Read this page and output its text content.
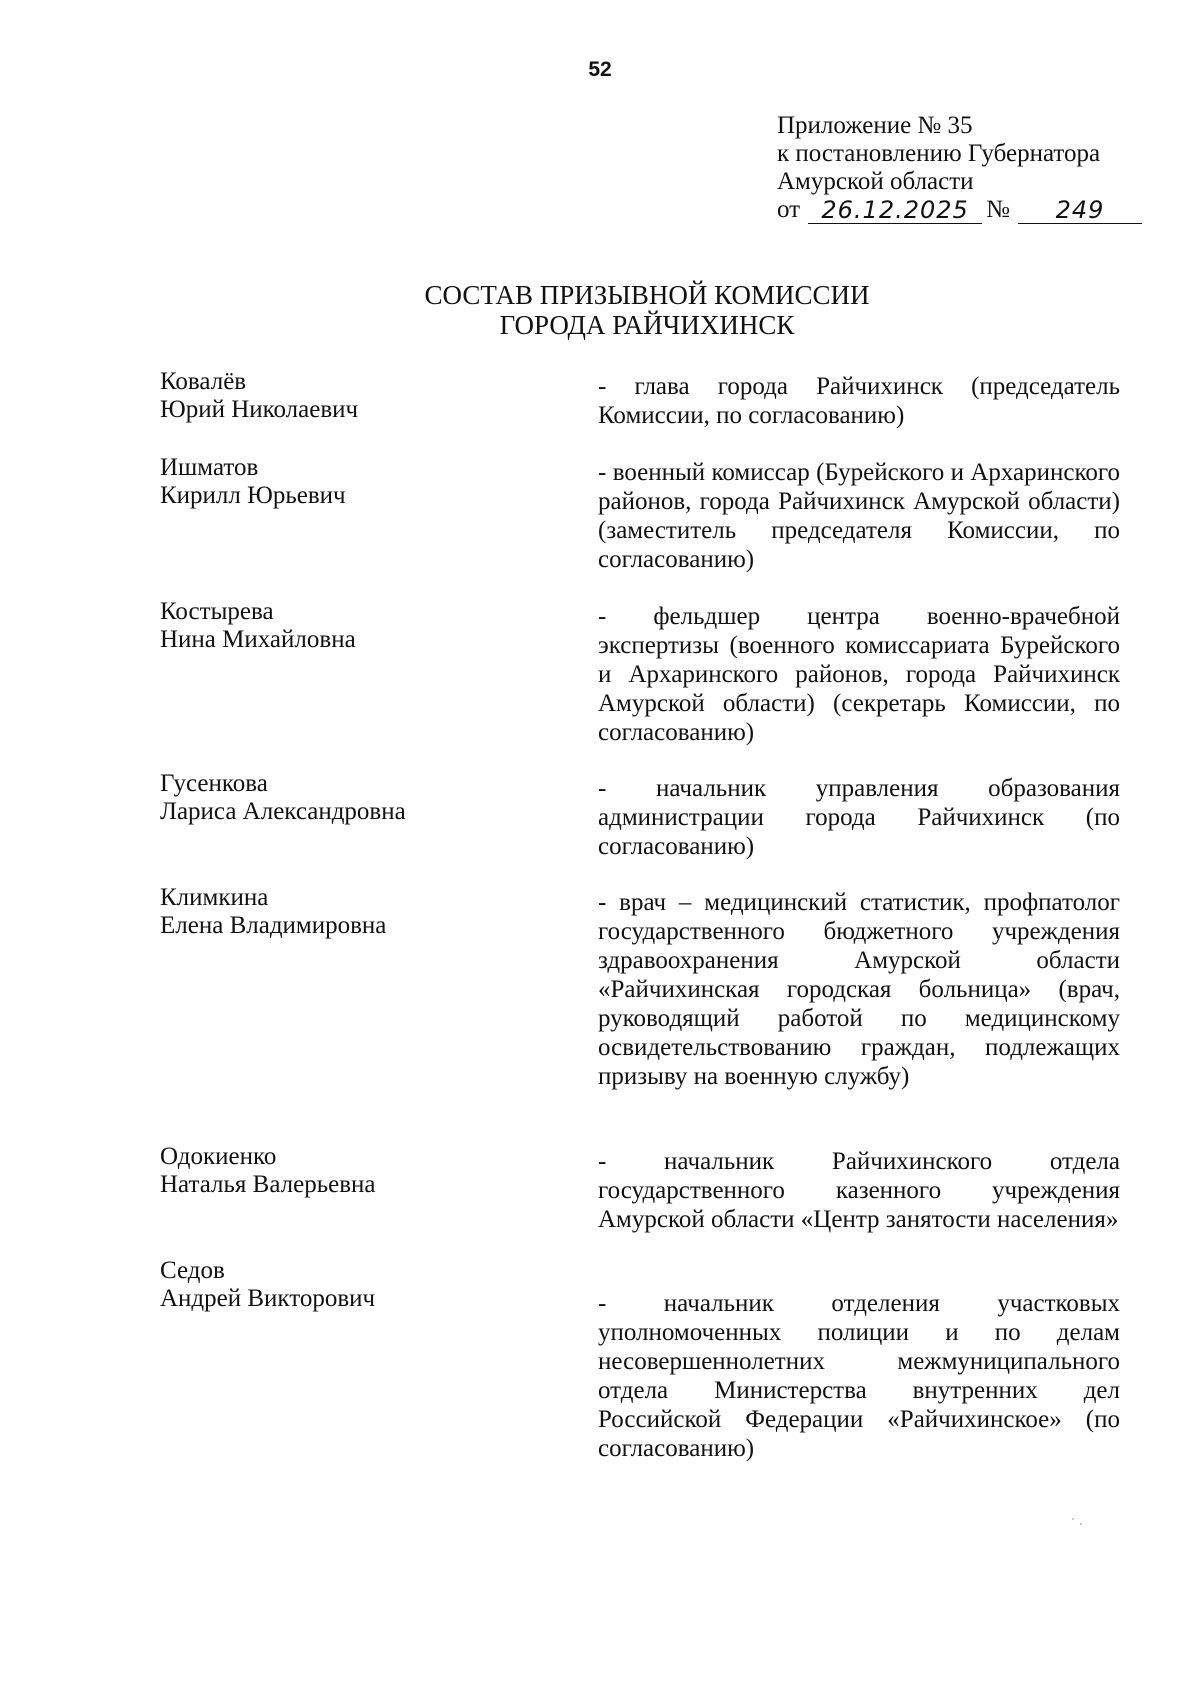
52
Приложение № 35
к постановлению Губернатора
Амурской области
от 26.12.2025 №	249
СОСТАВ ПРИЗЫВНОЙ КОМИССИИ
ГОРОДА РАЙЧИХИНСК
Ковалёв
Юрий Николаевич
- глава города Райчихинск (председатель Комиссии, по согласованию)
Ишматов
Кирилл Юрьевич
- военный комиссар (Бурейского и Архаринского районов, города Райчихинск Амурской области) (заместитель председателя Комиссии, по согласованию)
Костырева
Нина Михайловна
- фельдшер центра военно-врачебной экспертизы (военного комиссариата Бурейского и Архаринского районов, города Райчихинск Амурской области) (секретарь Комиссии, по согласованию)
Гусенкова
Лариса Александровна
- начальник управления образования администрации города Райчихинск (по согласованию)
Климкина
Елена Владимировна
- врач – медицинский статистик, профпатолог государственного бюджетного учреждения здравоохранения Амурской области «Райчихинская городская больница» (врач, руководящий работой по медицинскому освидетельствованию граждан, подлежащих призыву на военную службу)
Одокиенко
Наталья Валерьевна
- начальник Райчихинского отдела государственного казенного учреждения Амурской области «Центр занятости населения»
Седов
Андрей Викторович	- начальник отделения участковых уполномоченных полиции и по делам несовершеннолетних межмуниципального отдела Министерства внутренних дел Российской Федерации «Райчихинское» (по согласованию)
